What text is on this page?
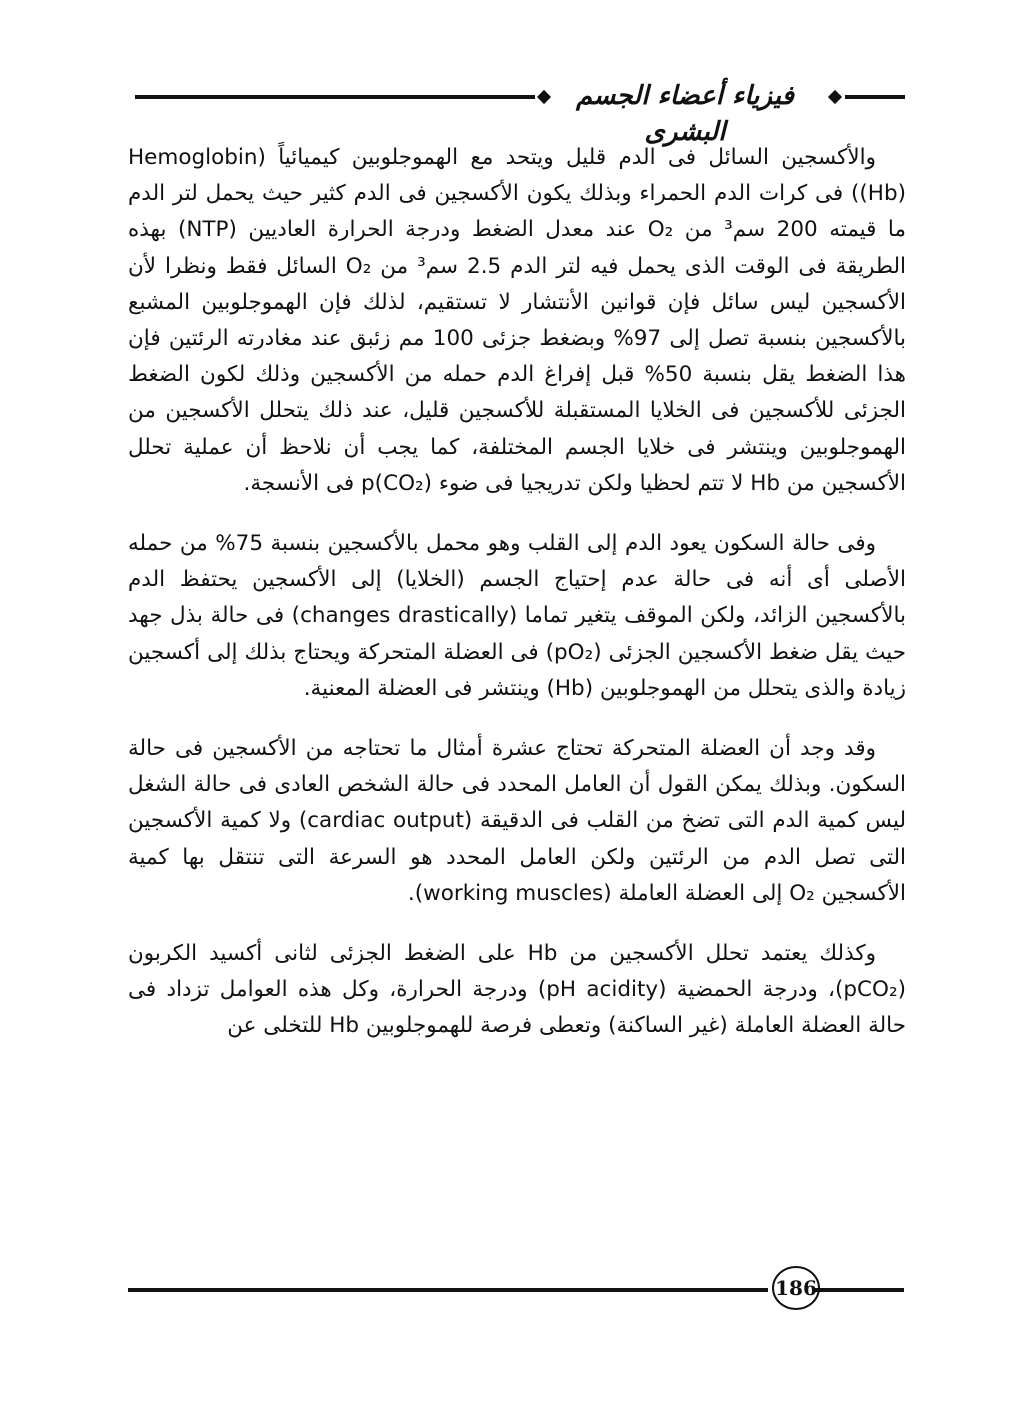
فيزياء أعضاء الجسم البشرى

والأكسجين السائل فى الدم قليل ويتحد مع الهموجلوبين كيميائياً (Hemoglobin (Hb)) فى كرات الدم الحمراء وبذلك يكون الأكسجين فى الدم كثير حيث يحمل لتر الدم ما قيمته 200 سم³ من O₂ عند معدل الضغط ودرجة الحرارة العاديين (NTP) بهذه الطريقة فى الوقت الذى يحمل فيه لتر الدم 2.5 سم³ من O₂ السائل فقط ونظرا لأن الأكسجين ليس سائل فإن قوانين الأنتشار لا تستقيم، لذلك فإن الهموجلوبين المشبع بالأكسجين بنسبة تصل إلى 97% وبضغط جزئى 100 مم زئبق عند مغادرته الرئتين فإن هذا الضغط يقل بنسبة 50% قبل إفراغ الدم حمله من الأكسجين وذلك لكون الضغط الجزئى للأكسجين فى الخلايا المستقبلة للأكسجين قليل، عند ذلك يتحلل الأكسجين من الهموجلوبين وينتشر فى خلايا الجسم المختلفة، كما يجب أن نلاحظ أن عملية تحلل الأكسجين من Hb لا تتم لحظيا ولكن تدريجيا فى ضوء p(CO₂) فى الأنسجة.

وفى حالة السكون يعود الدم إلى القلب وهو محمل بالأكسجين بنسبة 75% من حمله الأصلى أى أنه فى حالة عدم إحتياج الجسم (الخلايا) إلى الأكسجين يحتفظ الدم بالأكسجين الزائد، ولكن الموقف يتغير تماما (changes drastically) فى حالة بذل جهد حيث يقل ضغط الأكسجين الجزئى (pO₂) فى العضلة المتحركة ويحتاج بذلك إلى أكسجين زيادة والذى يتحلل من الهموجلوبين (Hb) وينتشر فى العضلة المعنية.

وقد وجد أن العضلة المتحركة تحتاج عشرة أمثال ما تحتاجه من الأكسجين فى حالة السكون. وبذلك يمكن القول أن العامل المحدد فى حالة الشخص العادى فى حالة الشغل ليس كمية الدم التى تضخ من القلب فى الدقيقة (cardiac output) ولا كمية الأكسجين التى تصل الدم من الرئتين ولكن العامل المحدد هو السرعة التى تنتقل بها كمية الأكسجين O₂ إلى العضلة العاملة (working muscles).

وكذلك يعتمد تحلل الأكسجين من Hb على الضغط الجزئى لثانى أكسيد الكربون (pCO₂)، ودرجة الحمضية (pH acidity) ودرجة الحرارة، وكل هذه العوامل تزداد فى حالة العضلة العاملة (غير الساكنة) وتعطى فرصة للهموجلوبين Hb للتخلى عن

186
